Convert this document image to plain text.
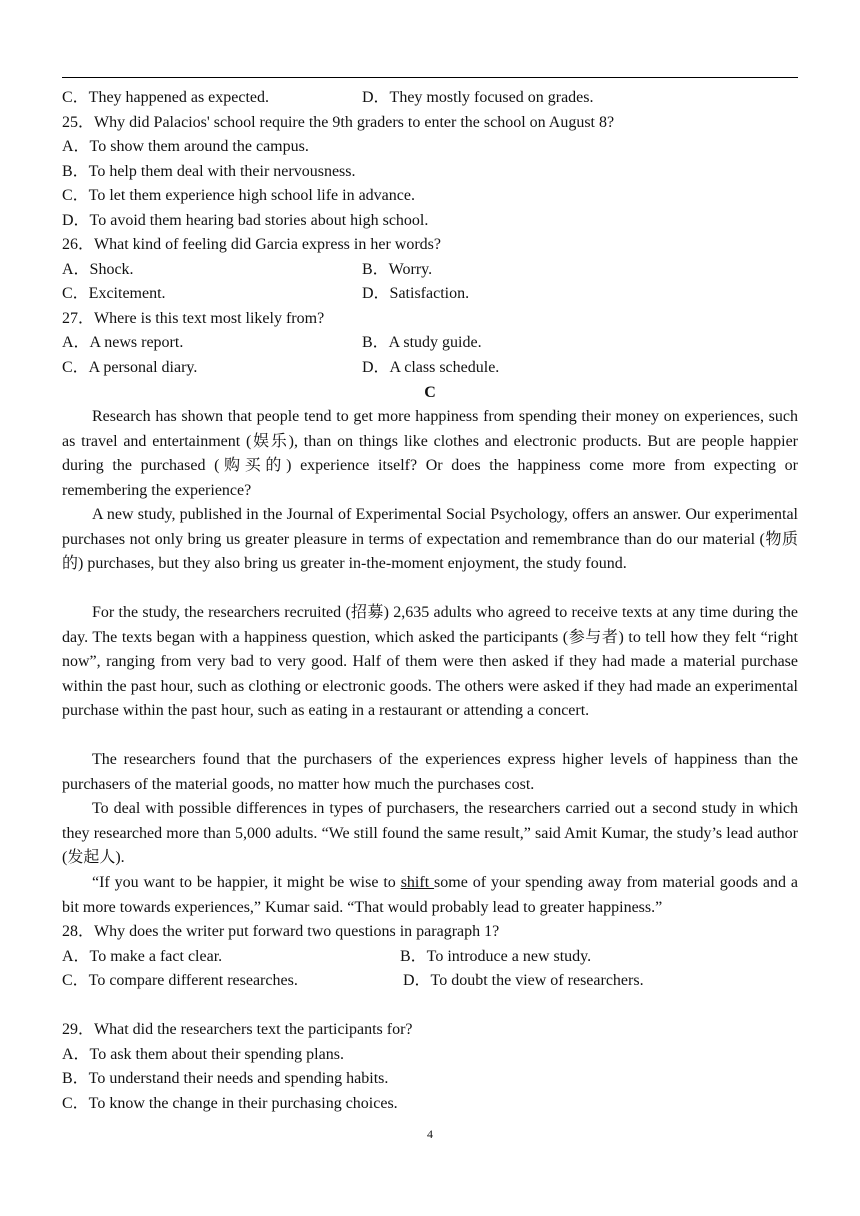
C．They happened as expected.	D．They mostly focused on grades.
25．Why did Palacios' school require the 9th graders to enter the school on August 8?
A．To show them around the campus.
B．To help them deal with their nervousness.
C．To let them experience high school life in advance.
D．To avoid them hearing bad stories about high school.
26．What kind of feeling did Garcia express in her words?
A．Shock.	B．Worry.
C．Excitement.	D．Satisfaction.
27．Where is this text most likely from?
A．A news report.	B．A study guide.
C．A personal diary.	D．A class schedule.
C
Research has shown that people tend to get more happiness from spending their money on experiences, such as travel and entertainment (娱乐), than on things like clothes and electronic products. But are people happier during the purchased (购买的) experience itself? Or does the happiness come more from expecting or remembering the experience?
A new study, published in the Journal of Experimental Social Psychology, offers an answer. Our experimental purchases not only bring us greater pleasure in terms of expectation and remembrance than do our material (物质的) purchases, but they also bring us greater in-the-moment enjoyment, the study found.
For the study, the researchers recruited (招募) 2,635 adults who agreed to receive texts at any time during the day. The texts began with a happiness question, which asked the participants (参与者) to tell how they felt “right now”, ranging from very bad to very good. Half of them were then asked if they had made a material purchase within the past hour, such as clothing or electronic goods. The others were asked if they had made an experimental purchase within the past hour, such as eating in a restaurant or attending a concert.
The researchers found that the purchasers of the experiences express higher levels of happiness than the purchasers of the material goods, no matter how much the purchases cost.
To deal with possible differences in types of purchasers, the researchers carried out a second study in which they researched more than 5,000 adults. “We still found the same result,” said Amit Kumar, the study’s lead author (发起人).
“If you want to be happier, it might be wise to shift some of your spending away from material goods and a bit more towards experiences,” Kumar said. “That would probably lead to greater happiness.”
28．Why does the writer put forward two questions in paragraph 1?
A．To make a fact clear.	B．To introduce a new study.
C．To compare different researches.	D．To doubt the view of researchers.
29．What did the researchers text the participants for?
A．To ask them about their spending plans.
B．To understand their needs and spending habits.
C．To know the change in their purchasing choices.
4
